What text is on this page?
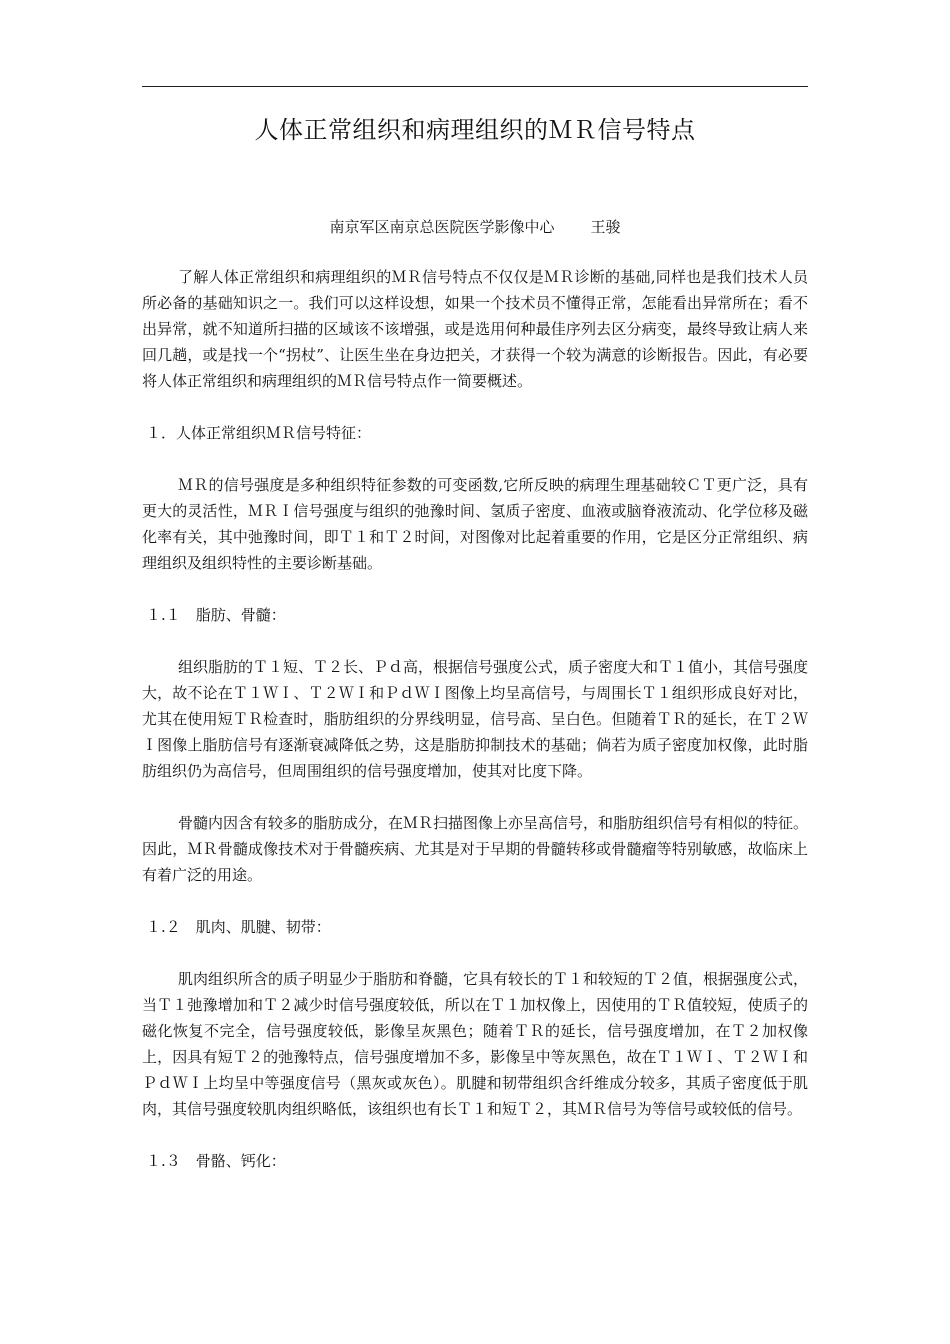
人体正常组织和病理组织的ＭＲ信号特点
南京军区南京总医院医学影像中心 王骏

了解人体正常组织和病理组织的ＭＲ信号特点不仅仅是ＭＲ诊断的基础,同样也是我们技术人员所必备的基础知识之一。我们可以这样设想，如果一个技术员不懂得正常，怎能看出异常所在；看不出异常，就不知道所扫描的区域该不该增强，或是选用何种最佳序列去区分病变，最终导致让病人来回几趟，或是找一个“拐杖”、让医生坐在身边把关，才获得一个较为满意的诊断报告。因此，有必要将人体正常组织和病理组织的ＭＲ信号特点作一简要概述。

１．人体正常组织ＭＲ信号特征：

ＭＲ的信号强度是多种组织特征参数的可变函数,它所反映的病理生理基础较ＣＴ更广泛，具有更大的灵活性，ＭＲＩ信号强度与组织的弛豫时间、氢质子密度、血液或脑脊液流动、化学位移及磁化率有关，其中弛豫时间，即Ｔ１和Ｔ２时间，对图像对比起着重要的作用，它是区分正常组织、病理组织及组织特性的主要诊断基础。

１.１　脂肪、骨髓：

组织脂肪的Ｔ１短、Ｔ２长、Ｐｄ高，根据信号强度公式，质子密度大和Ｔ１值小，其信号强度大，故不论在Ｔ１ＷＩ、Ｔ２ＷＩ和ＰｄＷＩ图像上均呈高信号，与周围长Ｔ１组织形成良好对比，尤其在使用短ＴＲ检查时，脂肪组织的分界线明显，信号高、呈白色。但随着ＴＲ的延长，在Ｔ２ＷＩ图像上脂肪信号有逐渐衰减降低之势，这是脂肪抑制技术的基础；倘若为质子密度加权像，此时脂肪组织仍为高信号，但周围组织的信号强度增加，使其对比度下降。

骨髓内因含有较多的脂肪成分，在ＭＲ扫描图像上亦呈高信号，和脂肪组织信号有相似的特征。因此，ＭＲ骨髓成像技术对于骨髓疾病、尤其是对于早期的骨髓转移或骨髓瘤等特别敏感，故临床上有着广泛的用途。

１.２　肌肉、肌腱、韧带：

肌肉组织所含的质子明显少于脂肪和脊髓，它具有较长的Ｔ１和较短的Ｔ２值，根据强度公式，当Ｔ１弛豫增加和Ｔ２减少时信号强度较低，所以在Ｔ１加权像上，因使用的ＴＲ值较短，使质子的磁化恢复不完全，信号强度较低，影像呈灰黑色；随着ＴＲ的延长，信号强度增加，在Ｔ２加权像上，因具有短Ｔ２的弛豫特点，信号强度增加不多，影像呈中等灰黑色，故在Ｔ１ＷＩ、Ｔ２ＷＩ和ＰｄＷＩ上均呈中等强度信号（黑灰或灰色）。肌腱和韧带组织含纤维成分较多，其质子密度低于肌肉，其信号强度较肌肉组织略低，该组织也有长Ｔ１和短Ｔ２，其ＭＲ信号为等信号或较低的信号。

１.３　骨骼、钙化：
